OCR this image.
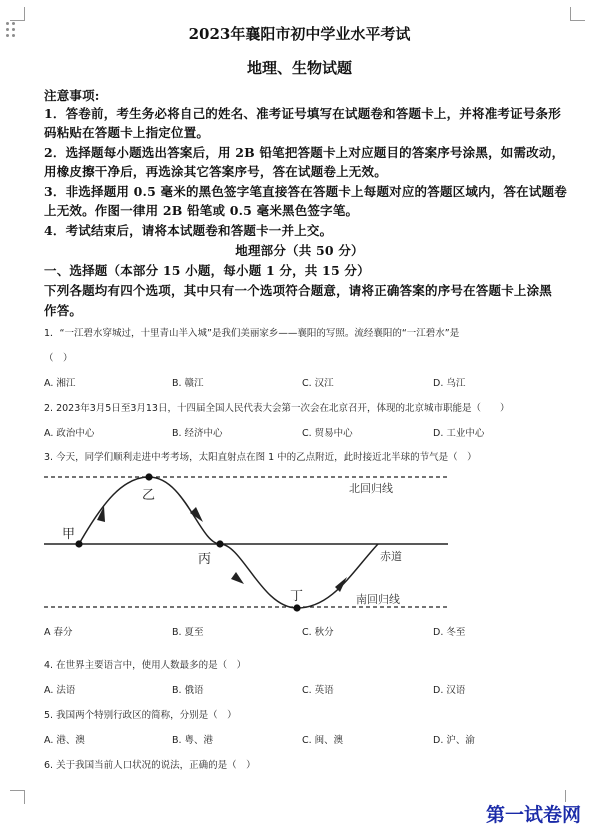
2023年襄阳市初中学业水平考试
地理、生物试题
注意事项:
1．答卷前，考生务必将自己的姓名、准考证号填写在试题卷和答题卡上，并将准考证号条形
码粘贴在答题卡上指定位置。
2．选择题每小题选出答案后，用 2B 铅笔把答题卡上对应题目的答案序号涂黑，如需改动，
用橡皮擦干净后，再选涂其它答案序号，答在试题卷上无效。
3．非选择题用 0.5 毫米的黑色签字笔直接答在答题卡上每题对应的答题区域内，答在试题卷
上无效。作图一律用 2B 铅笔或 0.5 毫米黑色签字笔。
4．考试结束后，请将本试题卷和答题卡一并上交。
地理部分（共 50 分）
一、选择题（本部分 15 小题，每小题 1 分，共 15 分）
下列各题均有四个选项，其中只有一个选项符合题意，请将正确答案的序号在答题卡上涂黑
作答。
1．“一江碧水穿城过，十里青山半入城”是我们美丽家乡——襄阳的写照。流经襄阳的“一江碧水”是
（　）
A. 湘江	B. 赣江	C. 汉江	D. 乌江
2. 2023年3月5日至3月13日，十四届全国人民代表大会第一次会在北京召开，体现的北京城市职能是（　　）
A. 政治中心	B. 经济中心	C. 贸易中心	D. 工业中心
3. 今天，同学们顺利走进中考考场，太阳直射点在图 1 中的乙点附近，此时接近北半球的节气是（　）
甲
乙
丙
丁
北回归线
赤道
南回归线
A 春分	B. 夏至	C. 秋分	D. 冬至
4. 在世界主要语言中，使用人数最多的是（　）
A. 法语	B. 俄语	C. 英语	D. 汉语
5. 我国两个特别行政区的简称，分别是（　）
A. 港、澳	B. 粤、港	C. 闽、澳	D. 沪、渝
6. 关于我国当前人口状况的说法，正确的是（　）
第一试卷网
